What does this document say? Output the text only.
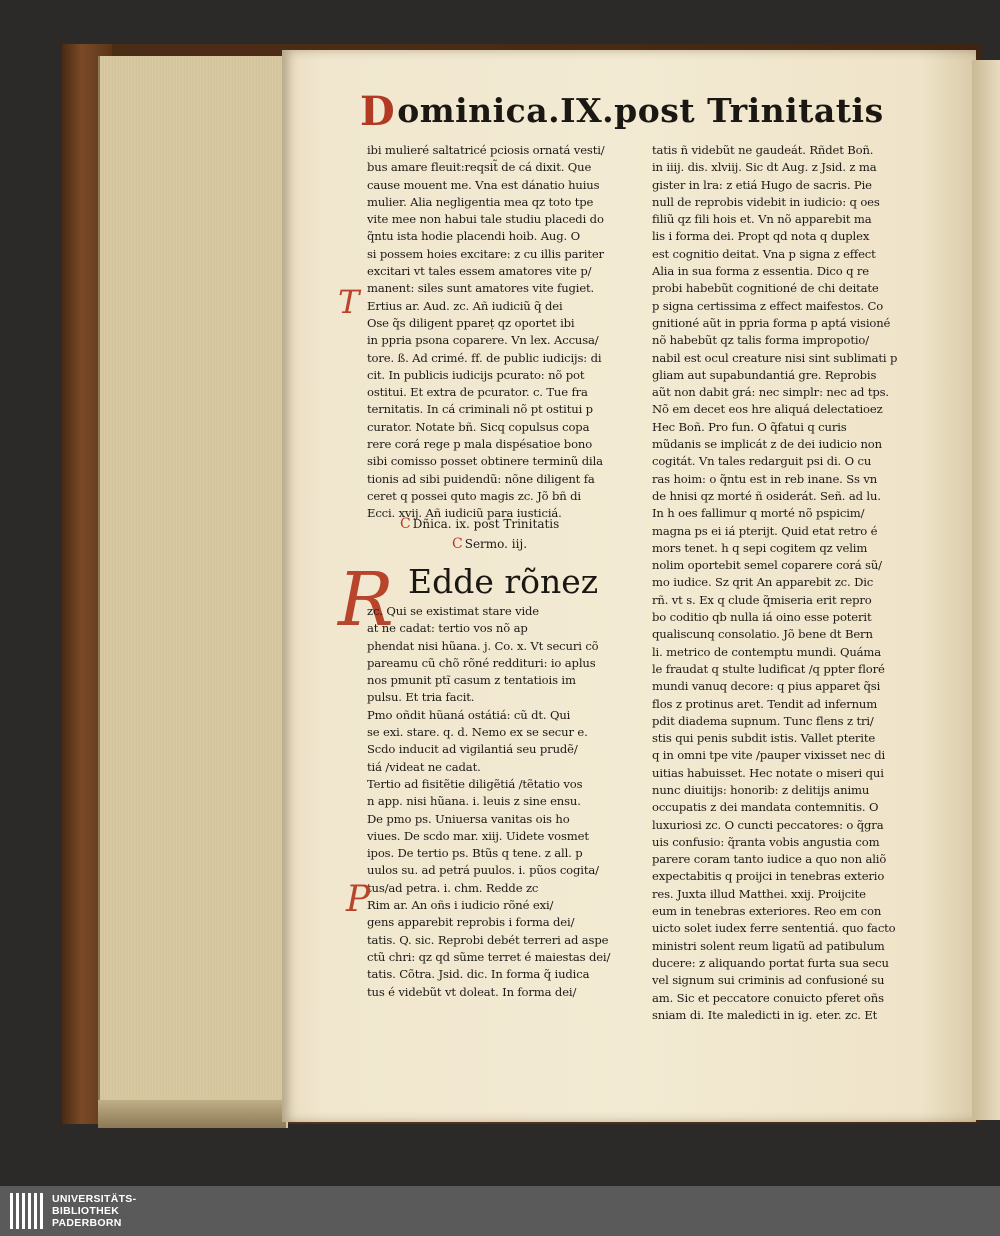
Dominica.IX.post Trinitatis
T
ibi mulieré saltatricé pciosis ornatá vesti/
bus amare fleuit:reqsit̃ de cá dixit. Que
cause mouent me. Vna est dánatio huius
mulier. Alia negligentia mea qz toto tpe
vite mee non habui tale studiu placedi do
q̃ntu ista hodie placendi hoib. Aug. O
si possem hoies excitare: z cu illis pariter
excitari vt tales essem amatores vite p/
manent: siles sunt amatores vite fugiet.
Ertius ar. Aud. zc. Añ iudiciũ q̃ dei
Ose q̃s diligent ppareț qz oportet ibi
in ppria psona coparere. Vn lex. Accusa/
tore. ß. Ad crimé. ff. de public iudicijs: di
cit. In publicis iudicijs pcurato: nõ pot
ostitui. Et extra de pcurator. c. Tue fra
ternitatis. In cá criminali nõ pt ostitui p
curator. Notate bñ. Sicq copulsus copa
rere corá rege p mala dispésatioe bono
sibi comisso posset obtinere terminũ dila
tionis ad sibi puidendũ: nõne diligent fa
ceret q possei quto magis zc. Jõ bñ di
Ecci. xvij. Añ iudiciũ para iusticiá.
C Dñica. ix. post Trinitatis
C Sermo. iij.
R Edde rõnez
zc. Qui se existimat stare vide
at ne cadat: tertio vos nõ ap
phendat nisi hũana. j. Co. x. Vt securi cõ
pareamu cũ chõ rõné reddituri: io aplus
nos pmunit ptĩ casum z tentatiois im
pulsu. Et tria facit.
Pmo oñdit hũaná ostátiá: cũ dt. Qui
se exi. stare. q. d. Nemo ex se secur e.
Scdo inducit ad vigilantiá seu prudẽ/
tiá /videat ne cadat.
Tertio ad fisitẽtie diligẽtiá /tẽtatio vos
n app. nisi hũana. i. leuis z sine ensu.
De pmo ps. Uniuersa vanitas ois ho
viues. De scdo mar. xiij. Uidete vosmet
ipos. De tertio ps. Btũs q tene. z all. p
uulos su. ad petrá puulos. i. pũos cogita/
tus/ad petra. i. chm. Redde zc
Rim ar. An oñs i iudicio rõné exi/
gens apparebit reprobis i forma dei/
tatis. Q. sic. Reprobi debét terreri ad aspe
ctũ chri: qz qd sũme terret é maiestas dei/
tatis. Cõtra. Jsid. dic. In forma q̃ iudica
tus é videbũt vt doleat. In forma dei/
P
tatis ñ videbũt ne gaudeát. Rñdet Boñ.
in iiij. dis. xlviij. Sic dt Aug. z Jsid. z ma
gister in lra: z etiá Hugo de sacris. Pie
null de reprobis videbit in iudicio: q oes
filiũ qz fili hois et. Vn nõ apparebit ma
lis i forma dei. Propt qd nota q duplex
est cognitio deitat. Vna p signa z effect
Alia in sua forma z essentia. Dico q re
probi habebũt cognitioné de chi deitate
p signa certissima z effect maifestos. Co
gnitioné aũt in ppria forma p aptá visioné
nõ habebũt qz talis forma impropotio/
nabil est ocul creature nisi sint sublimati p
gliam aut supabundantiá gre. Reprobis
aũt non dabit grá: nec simplr: nec ad tps.
Nõ em decet eos hre aliquá delectatioez
Hec Boñ. Pro fun. O q̃fatui q curis
mũdanis se implicát z de dei iudicio non
cogitát. Vn tales redarguit psi di. O cu
ras hoim: o q̃ntu est in reb inane. Ss vn
de hnisi qz morté ñ osiderát. Señ. ad lu.
In h oes fallimur q morté nõ pspicim/
magna ps ei iá pterijt. Quid etat retro é
mors tenet. h q sepi cogitem qz velim
nolim oportebit semel coparere corá sũ/
mo iudice. Sz qrit An apparebit zc. Dic
rñ. vt s. Ex q clude q̃miseria erit repro
bo coditio qb nulla iá oino esse poterit
qualiscunq consolatio. Jõ bene dt Bern
li. metrico de contemptu mundi. Quáma
le fraudat q stulte ludificat /q ppter floré
mundi vanuq decore: q pius apparet q̃si
flos z protinus aret. Tendit ad infernum
pdit diadema supnum. Tunc flens z tri/
stis qui penis subdit istis. Vallet pterite
q in omni tpe vite /pauper vixisset nec di
uitias habuisset. Hec notate o miseri qui
nunc diuitijs: honorib: z delitijs animu
occupatis z dei mandata contemnitis. O
luxuriosi zc. O cuncti peccatores: o q̃gra
uis confusio: q̃ranta vobis angustia com
parere coram tanto iudice a quo non aliõ
expectabitis q proijci in tenebras exterio
res. Juxta illud Matthei. xxij. Proijcite
eum in tenebras exteriores. Reo em con
uicto solet iudex ferre sententiá. quo facto
ministri solent reum ligatũ ad patibulum
ducere: z aliquando portat furta sua secu
vel signum sui criminis ad confusioné su
am. Sic et peccatore conuicto pferet oñs
sniam di. Ite maledicti in ig. eter. zc. Et
UNIVERSITÄTS-
BIBLIOTHEK
PADERBORN
